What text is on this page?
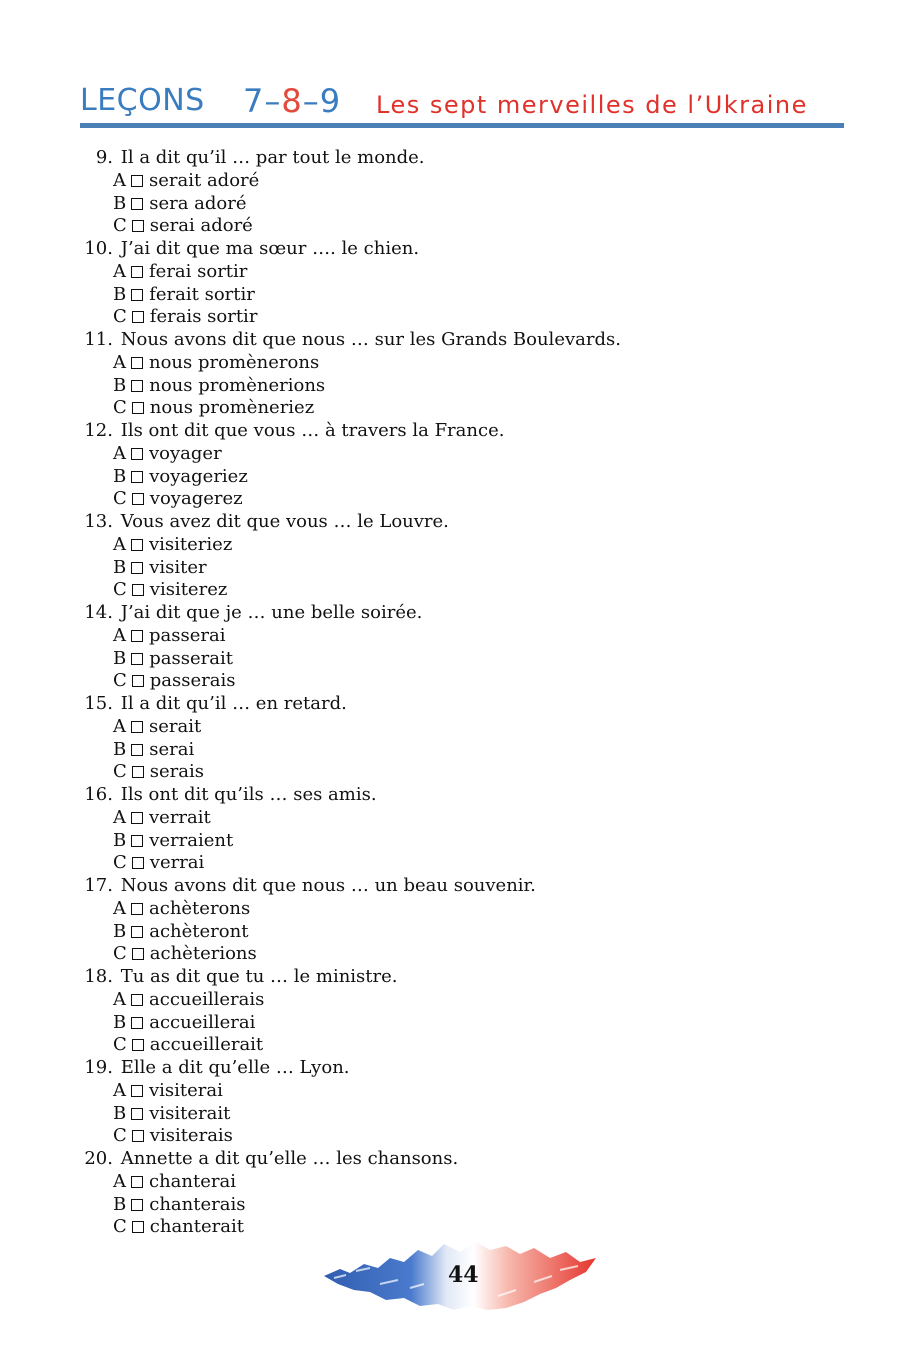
LEÇONS 7–8–9 Les sept merveilles de l’Ukraine
9.
Il a dit qu’il … par tout le monde.
A serait adoré
B sera adoré
C serai adoré
10.
J’ai dit que ma sœur …. le chien.
A ferai sortir
B ferait sortir
C ferais sortir
11.
Nous avons dit que nous … sur les Grands Boulevards.
A nous promènerons
B nous promènerions
C nous promèneriez
12.
Ils ont dit que vous … à travers la France.
A voyager
B voyageriez
C voyagerez
13.
Vous avez dit que vous … le Louvre.
A visiteriez
B visiter
C visiterez
14.
J’ai dit que je … une belle soirée.
A passerai
B passerait
C passerais
15.
Il a dit qu’il … en retard.
A serait
B serai
C serais
16.
Ils ont dit qu’ils … ses amis.
A verrait
B verraient
C verrai
17.
Nous avons dit que nous … un beau souvenir.
A achèterons
B achèteront
C achèterions
18.
Tu as dit que tu … le ministre.
A accueillerais
B accueillerai
C accueillerait
19.
Elle a dit qu’elle … Lyon.
A visiterai
B visiterait
C visiterais
20.
Annette a dit qu’elle … les chansons.
A chanterai
B chanterais
C chanterait
44
